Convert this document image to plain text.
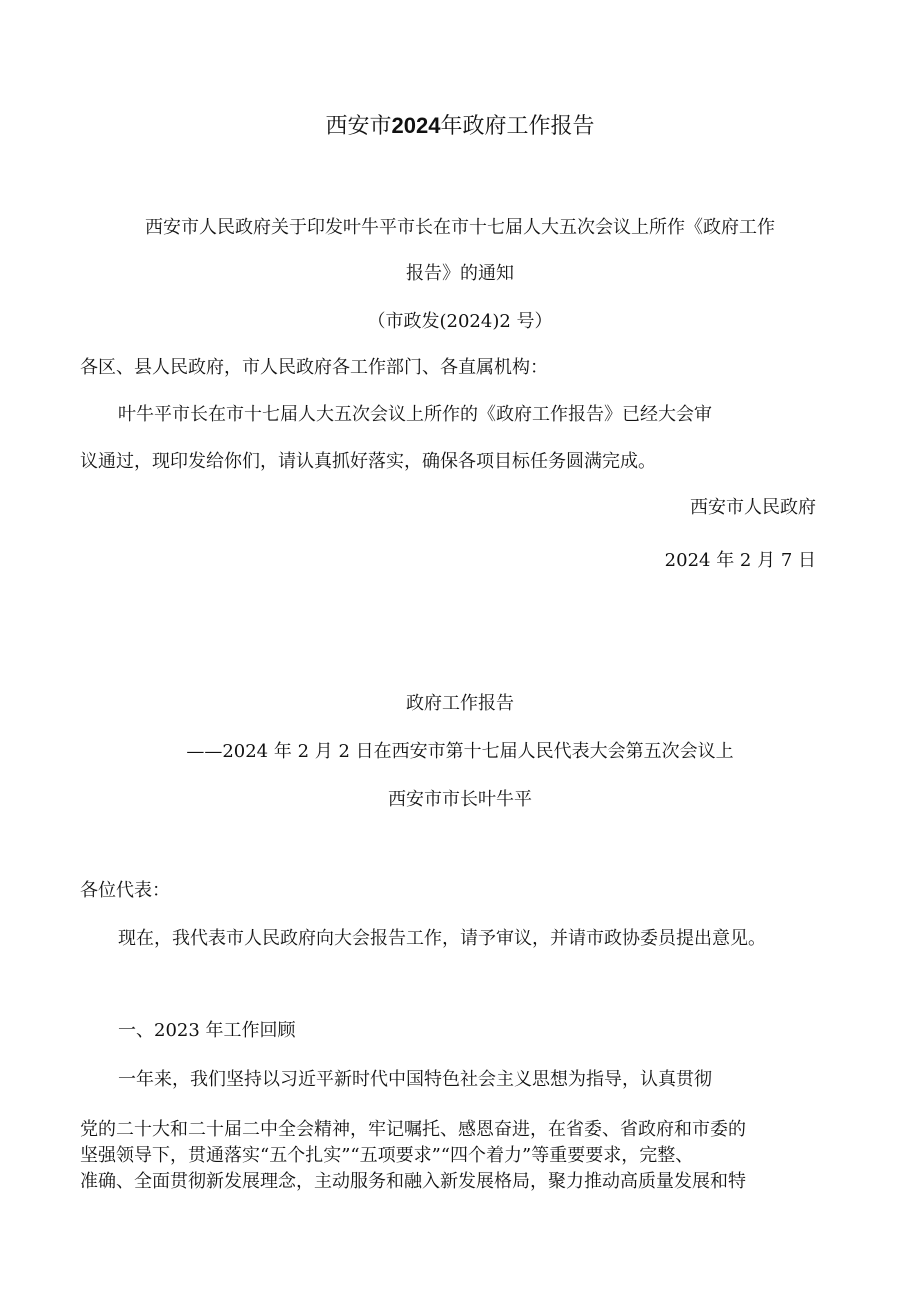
西安市2024年政府工作报告
西安市人民政府关于印发叶牛平市长在市十七届人大五次会议上所作《政府工作
报告》的通知
（市政发(2024)2 号）
各区、县人民政府，市人民政府各工作部门、各直属机构：
叶牛平市长在市十七届人大五次会议上所作的《政府工作报告》已经大会审
议通过，现印发给你们，请认真抓好落实，确保各项目标任务圆满完成。
西安市人民政府
2024 年 2 月 7 日
政府工作报告
——2024 年 2 月 2 日在西安市第十七届人民代表大会第五次会议上
西安市市长叶牛平
各位代表：
现在，我代表市人民政府向大会报告工作，请予审议，并请市政协委员提出意见。
一、2023 年工作回顾
一年来，我们坚持以习近平新时代中国特色社会主义思想为指导，认真贯彻
党的二十大和二十届二中全会精神，牢记嘱托、感恩奋进，在省委、省政府和市委的
坚强领导下，贯通落实“五个扎实”“五项要求”“四个着力”等重要要求，完整、
准确、全面贯彻新发展理念，主动服务和融入新发展格局，聚力推动高质量发展和特
